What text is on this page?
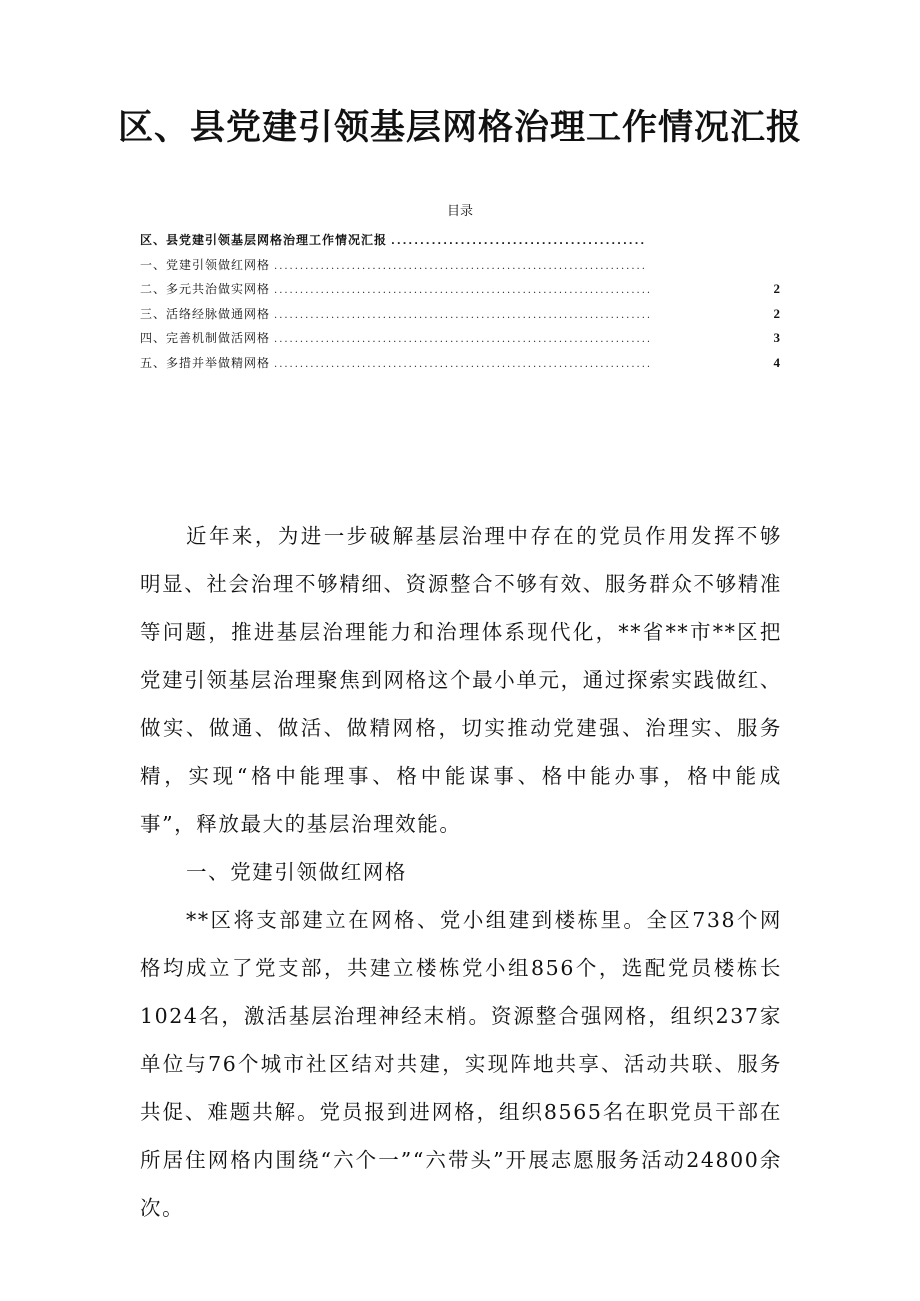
区、县党建引领基层网格治理工作情况汇报
目录
区、县党建引领基层网格治理工作情况汇报 ............................................
一、党建引领做红网格 ........................................................................
二、多元共治做实网格 .........................................................................	2
三、活络经脉做通网格 .........................................................................	2
四、完善机制做活网格 .........................................................................	3
五、多措并举做精网格 .........................................................................	4

近年来，为进一步破解基层治理中存在的党员作用发挥不够明显、社会治理不够精细、资源整合不够有效、服务群众不够精准等问题，推进基层治理能力和治理体系现代化，**省**市**区把党建引领基层治理聚焦到网格这个最小单元，通过探索实践做红、做实、做通、做活、做精网格，切实推动党建强、治理实、服务精，实现“格中能理事、格中能谋事、格中能办事，格中能成事”，释放最大的基层治理效能。

一、党建引领做红网格

**区将支部建立在网格、党小组建到楼栋里。全区738个网格均成立了党支部，共建立楼栋党小组856个，选配党员楼栋长1024名，激活基层治理神经末梢。资源整合强网格，组织237家单位与76个城市社区结对共建，实现阵地共享、活动共联、服务共促、难题共解。党员报到进网格，组织8565名在职党员干部在所居住网格内围绕“六个一”“六带头”开展志愿服务活动24800余次。
